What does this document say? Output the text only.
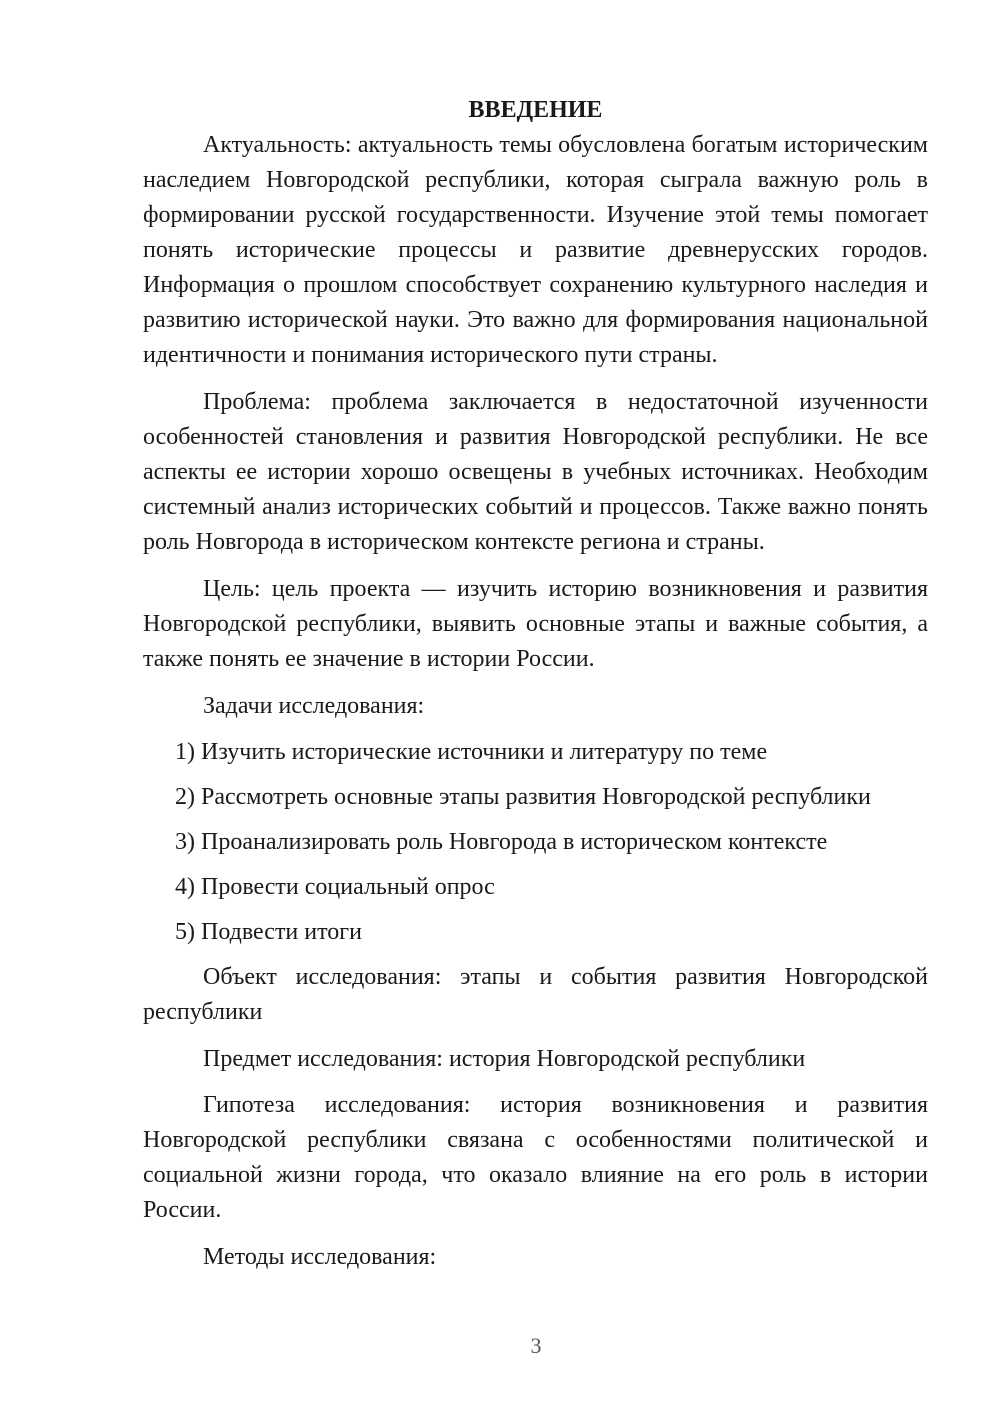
ВВЕДЕНИЕ

Актуальность: актуальность темы обусловлена богатым историческим наследием Новгородской республики, которая сыграла важную роль в формировании русской государственности. Изучение этой темы помогает понять исторические процессы и развитие древнерусских городов. Информация о прошлом способствует сохранению культурного наследия и развитию исторической науки. Это важно для формирования национальной идентичности и понимания исторического пути страны.

Проблема: проблема заключается в недостаточной изученности особенностей становления и развития Новгородской республики. Не все аспекты ее истории хорошо освещены в учебных источниках. Необходим системный анализ исторических событий и процессов. Также важно понять роль Новгорода в историческом контексте региона и страны.

Цель: цель проекта — изучить историю возникновения и развития Новгородской республики, выявить основные этапы и важные события, а также понять ее значение в истории России.

Задачи исследования:

1) Изучить исторические источники и литературу по теме
2) Рассмотреть основные этапы развития Новгородской республики
3) Проанализировать роль Новгорода в историческом контексте
4) Провести социальный опрос
5) Подвести итоги

Объект исследования: этапы и события развития Новгородской республики

Предмет исследования: история Новгородской республики

Гипотеза исследования: история возникновения и развития Новгородской республики связана с особенностями политической и социальной жизни города, что оказало влияние на его роль в истории России.

Методы исследования:

3
